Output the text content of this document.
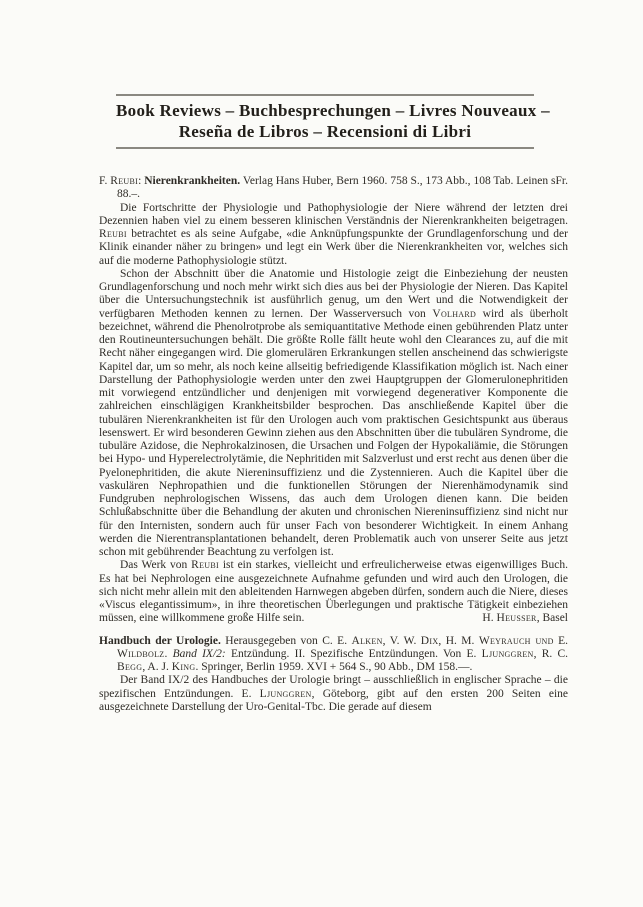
Book Reviews – Buchbesprechungen – Livres Nouveaux –
Reseña de Libros – Recensioni di Libri

F. Reubi: Nierenkrankheiten. Verlag Hans Huber, Bern 1960. 758 S., 173 Abb., 108 Tab. Leinen sFr. 88.–.

Die Fortschritte der Physiologie und Pathophysiologie der Niere während der letzten drei Dezennien haben viel zu einem besseren klinischen Verständnis der Nierenkrankheiten beigetragen. Reubi betrachtet es als seine Aufgabe, «die Anknüpfungspunkte der Grundlagenforschung und der Klinik einander näher zu bringen» und legt ein Werk über die Nierenkrankheiten vor, welches sich auf die moderne Pathophysiologie stützt.

Schon der Abschnitt über die Anatomie und Histologie zeigt die Einbeziehung der neusten Grundlagenforschung und noch mehr wirkt sich dies aus bei der Physiologie der Nieren. Das Kapitel über die Untersuchungstechnik ist ausführlich genug, um den Wert und die Notwendigkeit der verfügbaren Methoden kennen zu lernen. Der Wasserversuch von Volhard wird als überholt bezeichnet, während die Phenolrotprobe als semiquantitative Methode einen gebührenden Platz unter den Routineuntersuchungen behält. Die größte Rolle fällt heute wohl den Clearances zu, auf die mit Recht näher eingegangen wird. Die glomerulären Erkrankungen stellen anscheinend das schwierigste Kapitel dar, um so mehr, als noch keine allseitig befriedigende Klassifikation möglich ist. Nach einer Darstellung der Pathophysiologie werden unter den zwei Hauptgruppen der Glomerulonephritiden mit vorwiegend entzündlicher und denjenigen mit vorwiegend degenerativer Komponente die zahlreichen einschlägigen Krankheitsbilder besprochen. Das anschließende Kapitel über die tubulären Nierenkrankheiten ist für den Urologen auch vom praktischen Gesichtspunkt aus überaus lesenswert. Er wird besonderen Gewinn ziehen aus den Abschnitten über die tubulären Syndrome, die tubuläre Azidose, die Nephrokalzinosen, die Ursachen und Folgen der Hypokaliämie, die Störungen bei Hypo- und Hyperelectrolytämie, die Nephritiden mit Salzverlust und erst recht aus denen über die Pyelonephritiden, die akute Niereninsuffizienz und die Zystennieren. Auch die Kapitel über die vaskulären Nephropathien und die funktionellen Störungen der Nierenhämodynamik sind Fundgruben nephrologischen Wissens, das auch dem Urologen dienen kann. Die beiden Schlußabschnitte über die Behandlung der akuten und chronischen Niereninsuffizienz sind nicht nur für den Internisten, sondern auch für unser Fach von besonderer Wichtigkeit. In einem Anhang werden die Nierentransplantationen behandelt, deren Problematik auch von unserer Seite aus jetzt schon mit gebührender Beachtung zu verfolgen ist.

Das Werk von Reubi ist ein starkes, vielleicht und erfreulicherweise etwas eigenwilliges Buch. Es hat bei Nephrologen eine ausgezeichnete Aufnahme gefunden und wird auch den Urologen, die sich nicht mehr allein mit den ableitenden Harnwegen abgeben dürfen, sondern auch die Niere, dieses «Viscus elegantissimum», in ihre theoretischen Überlegungen und praktische Tätigkeit einbeziehen müssen, eine willkommene große Hilfe sein.	H. Heusser, Basel

Handbuch der Urologie. Herausgegeben von C. E. Alken, V. W. Dix, H. M. Weyrauch und E. Wildbolz. Band IX/2: Entzündung. II. Spezifische Entzündungen. Von E. Ljunggren, R. C. Begg, A. J. King. Springer, Berlin 1959. XVI + 564 S., 90 Abb., DM 158.—.

Der Band IX/2 des Handbuches der Urologie bringt – ausschließlich in englischer Sprache – die spezifischen Entzündungen. E. Ljunggren, Göteborg, gibt auf den ersten 200 Seiten eine ausgezeichnete Darstellung der Uro-Genital-Tbc. Die gerade auf diesem
